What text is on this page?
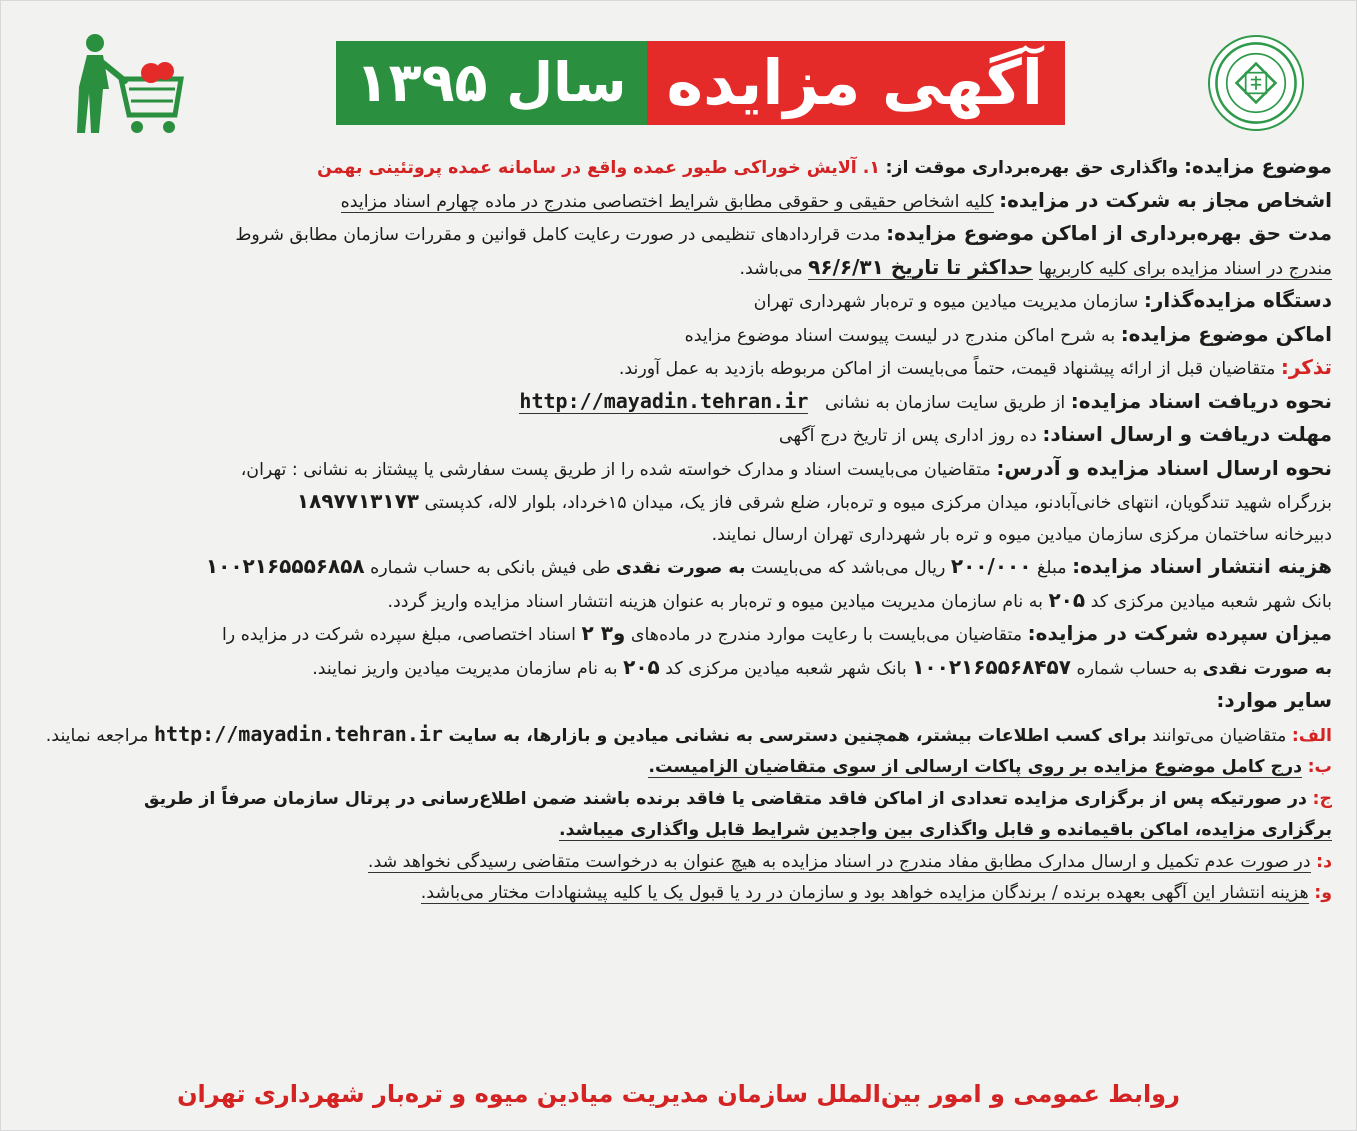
آگهی مزایده
سال ۱۳۹۵
موضوع مزایده: واگذاری حق بهره‌برداری موقت از: ۱. آلایش خوراکی طیور عمده واقع در سامانه عمده پروتئینی بهمن
اشخاص مجاز به شرکت در مزایده: کلیه اشخاص حقیقی و حقوقی مطابق شرایط اختصاصی مندرج در ماده چهارم اسناد مزایده
مدت حق بهره‌برداری از اماکن موضوع مزایده: مدت قراردادهای تنظیمی در صورت رعایت کامل قوانین و مقررات سازمان مطابق شروط
مندرج در اسناد مزایده برای کلیه کاربریها حداکثر تا تاریخ ۹۶/۶/۳۱ می‌باشد.
دستگاه مزایده‌گذار: سازمان مدیریت میادین میوه و تره‌بار شهرداری تهران
اماکن موضوع مزایده: به شرح اماکن مندرج در لیست پیوست اسناد موضوع مزایده
تذکر: متقاضیان قبل از ارائه پیشنهاد قیمت، حتماً می‌بایست از اماکن مربوطه بازدید به عمل آورند.
نحوه دریافت اسناد مزایده: از طریق سایت سازمان به نشانی   http://mayadin.tehran.ir
مهلت دریافت و ارسال اسناد: ده روز اداری پس از تاریخ درج آگهی
نحوه ارسال اسناد مزایده و آدرس: متقاضیان می‌بایست اسناد و مدارک خواسته شده را از طریق پست سفارشی یا پیشتاز به نشانی : تهران،
بزرگراه شهید تندگویان، انتهای خانی‌آبادنو، میدان مرکزی میوه و تره‌بار، ضلع شرقی فاز یک، میدان ۱۵خرداد، بلوار لاله، کدپستی ۱۸۹۷۷۱۳۱۷۳
دبیرخانه ساختمان مرکزی سازمان میادین میوه و تره بار شهرداری تهران ارسال نمایند.
هزینه انتشار اسناد مزایده: مبلغ ۲۰۰/۰۰۰ ریال می‌باشد که می‌بایست به صورت نقدی طی فیش بانکی به حساب شماره ۱۰۰۲۱۶۵۵۵۶۸۵۸
بانک شهر شعبه میادین مرکزی کد ۲۰۵ به نام سازمان مدیریت میادین میوه و تره‌بار به عنوان هزینه انتشار اسناد مزایده واریز گردد.
میزان سپرده شرکت در مزایده: متقاضیان می‌بایست با رعایت موارد مندرج در ماده‌های ۲ و۳ اسناد اختصاصی، مبلغ سپرده شرکت در مزایده را
به صورت نقدی به حساب شماره ۱۰۰۲۱۶۵۵۶۸۴۵۷ بانک شهر شعبه میادین مرکزی کد ۲۰۵ به نام سازمان مدیریت میادین واریز نمایند.
سایر موارد:
الف: متقاضیان می‌توانند برای کسب اطلاعات بیشتر، همچنین دسترسی به نشانی میادین و بازارها، به سایت http://mayadin.tehran.ir مراجعه نمایند.
ب: درج کامل موضوع مزایده بر روی پاکات ارسالی از سوی متقاضیان الزامیست.
ج: در صورتیکه پس از برگزاری مزایده تعدادی از اماکن فاقد متقاضی یا فاقد برنده باشند ضمن اطلاع‌رسانی در پرتال سازمان صرفاً از طریق
برگزاری مزایده، اماکن باقیمانده و قابل واگذاری بین واجدین شرایط قابل واگذاری میباشد.
د: در صورت عدم تکمیل و ارسال مدارک مطابق مفاد مندرج در اسناد مزایده به هیچ عنوان به درخواست متقاضی رسیدگی نخواهد شد.
و: هزینه انتشار این آگهی بعهده برنده / برندگان مزایده خواهد بود و سازمان در رد یا قبول یک یا کلیه پیشنهادات مختار می‌باشد.
روابط عمومی و امور بین‌الملل سازمان مدیریت میادین میوه و تره‌بار شهرداری تهران
